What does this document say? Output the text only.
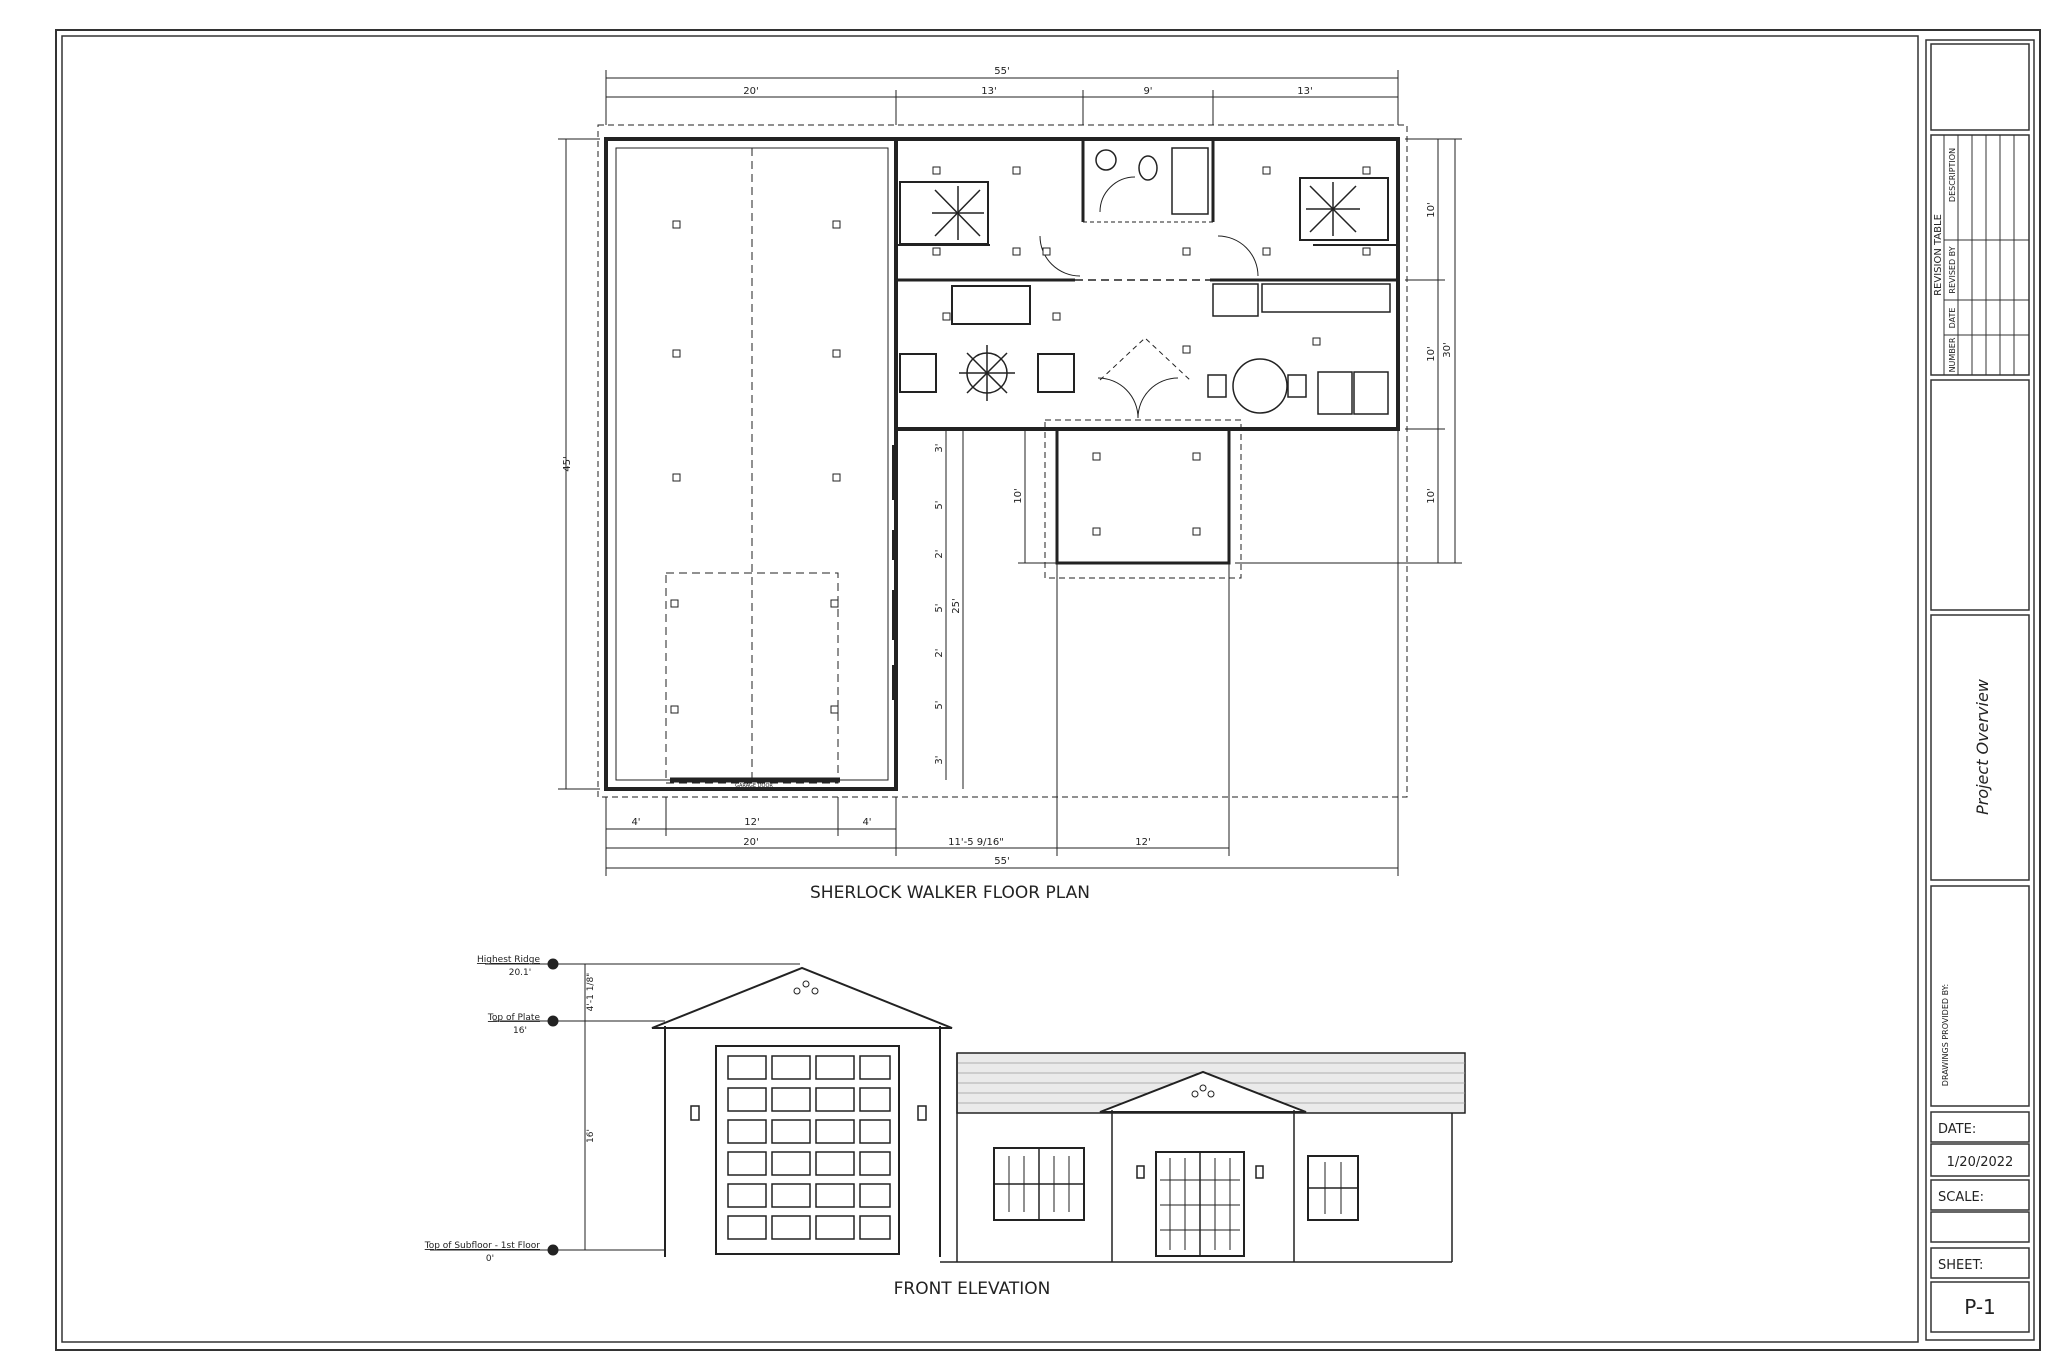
55'
20'	13'	9'	13'
45'
30'
10'
10'
10'
10'
3'
5'
2'
5'
2'
5'
3'
25'
4'	12'	4'
20'	11'-5 9/16"	12'
55'
GARAGE DOOR
SHERLOCK WALKER FLOOR PLAN
Highest Ridge
20.1'
Top of Plate
16'
Top of Subfloor - 1st Floor
0'
4'-1 1/8"
16'
FRONT ELEVATION
REVISION TABLE
NUMBER
DATE
REVISED BY
DESCRIPTION
Project Overview
DRAWINGS PROVIDED BY:
DATE:
1/20/2022
SCALE:
SHEET:
P-1
